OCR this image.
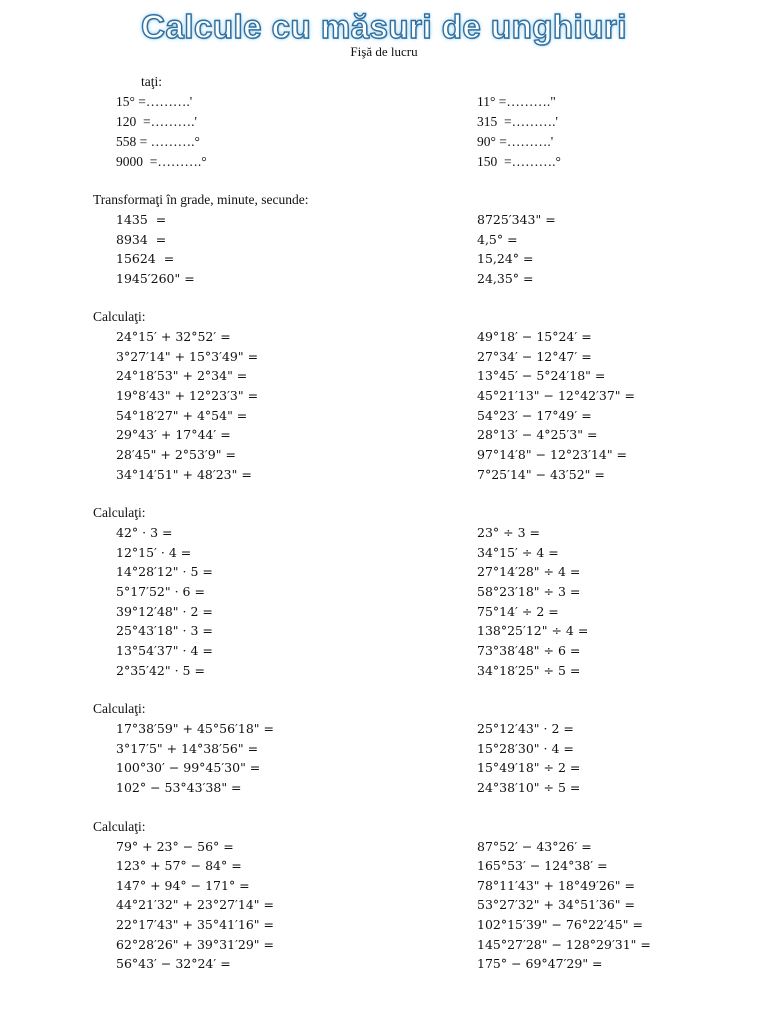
Calcule cu măsuri de unghiuri
Fişă de lucru
taţi:
15° =……….'
120  =……….'
558 = ……….°
9000  =……….°
11° =………."
315  =……….'
90° =……….'
150  =……….°
Transformaţi în grade, minute, secunde:
1435  =
8934  =
15624  =
1945′260" =
8725′343" =
4,5° =
15,24° =
24,35° =
Calculaţi:
24°15′ + 32°52′ =
3°27′14" + 15°3′49" =
24°18′53" + 2°34" =
19°8′43" + 12°23′3" =
54°18′27" + 4°54" =
29°43′ + 17°44′ =
28′45" + 2°53′9" =
34°14′51" + 48′23" =
49°18′ − 15°24′ =
27°34′ − 12°47′ =
13°45′ − 5°24′18" =
45°21′13" − 12°42′37" =
54°23′ − 17°49′ =
28°13′ − 4°25′3" =
97°14′8" − 12°23′14" =
7°25′14" − 43′52" =
Calculaţi:
42° · 3 =
12°15′ · 4 =
14°28′12" · 5 =
5°17′52" · 6 =
39°12′48" · 2 =
25°43′18" · 3 =
13°54′37" · 4 =
2°35′42" · 5 =
23° ÷ 3 =
34°15′ ÷ 4 =
27°14′28" ÷ 4 =
58°23′18" ÷ 3 =
75°14′ ÷ 2 =
138°25′12" ÷ 4 =
73°38′48" ÷ 6 =
34°18′25" ÷ 5 =
Calculaţi:
17°38′59" + 45°56′18" =
3°17′5" + 14°38′56" =
100°30′ − 99°45′30" =
102° − 53°43′38" =
25°12′43" · 2 =
15°28′30" · 4 =
15°49′18" ÷ 2 =
24°38′10" ÷ 5 =
Calculaţi:
79° + 23° − 56° =
123° + 57° − 84° =
147° + 94° − 171° =
44°21′32" + 23°27′14" =
22°17′43" + 35°41′16" =
62°28′26" + 39°31′29" =
56°43′ − 32°24′ =
87°52′ − 43°26′ =
165°53′ − 124°38′ =
78°11′43" + 18°49′26" =
53°27′32" + 34°51′36" =
102°15′39" − 76°22′45" =
145°27′28" − 128°29′31" =
175° − 69°47′29" =
